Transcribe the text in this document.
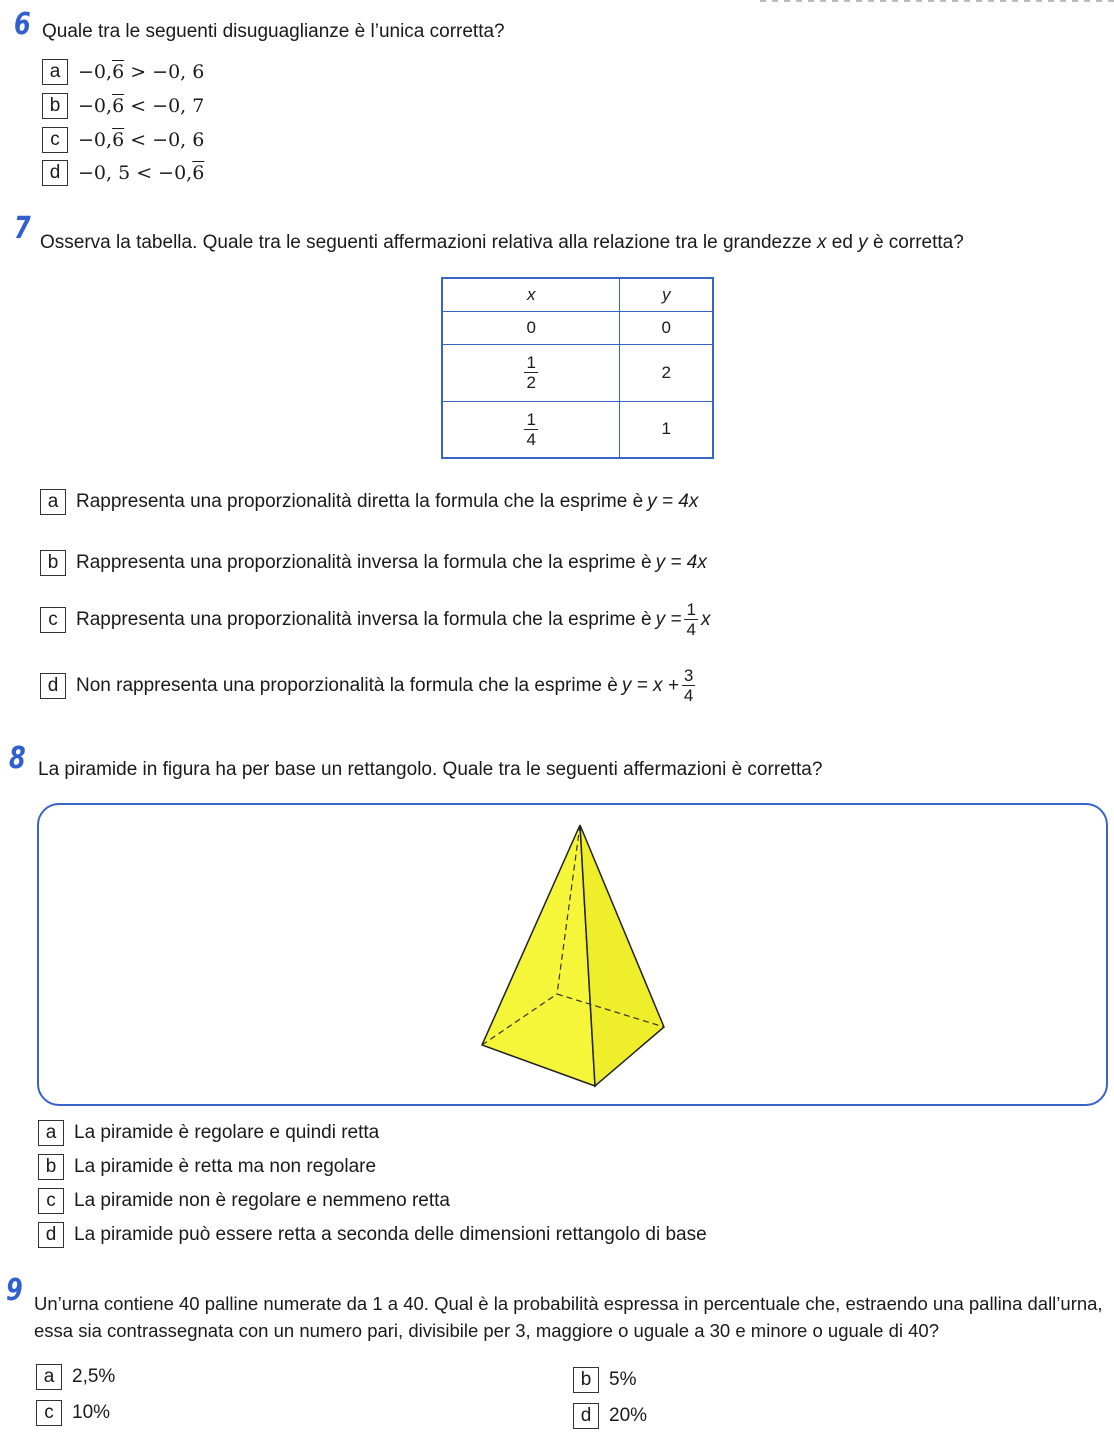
6 Quale tra le seguenti disuguaglianze è l’unica corretta?
a −0,6 > −0, 6
b −0,6 < −0, 7
c −0,6 < −0, 6
d −0, 5 < −0,6
7 Osserva la tabella. Quale tra le seguenti affermazioni relativa alla relazione tra le grandezze x ed y è corretta?
x	y
0	0

$\frac{1}{2}$	2

$\frac{1}{4}$	1
a Rappresenta una proporzionalità diretta la formula che la esprime è y = 4x
b Rappresenta una proporzionalità inversa la formula che la esprime è y = 4x
c Rappresenta una proporzionalità inversa la formula che la esprime è $y = \frac{1}{4}$ x
d Non rappresenta una proporzionalità la formula che la esprime è $y = x + \frac{3}{4}$
8 La piramide in figura ha per base un rettangolo. Quale tra le seguenti affermazioni è corretta?
a La piramide è regolare e quindi retta
b La piramide è retta ma non regolare
c La piramide non è regolare e nemmeno retta
d La piramide può essere retta a seconda delle dimensioni rettangolo di base
9 Un’urna contiene 40 palline numerate da 1 a 40. Qual è la probabilità espressa in percentuale che, estraendo una pallina dall’urna,
essa sia contrassegnata con un numero pari, divisibile per 3, maggiore o uguale a 30 e minore o uguale di 40?
a 2,5%	b 5%
c 10%	d 20%
